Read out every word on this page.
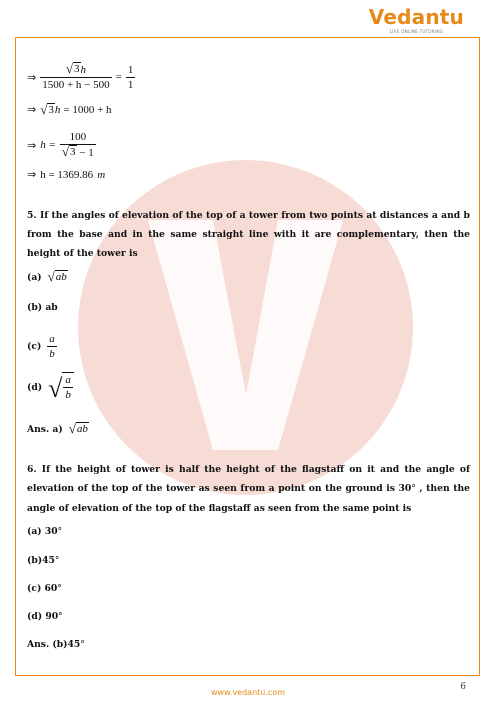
Vedantu
LIVE ONLINE TUTORING
⇒ $\frac{√ 3 h}{1500 + h - 500} = \frac{1}{1}$
⇒ √ 3 h = 1000 + h
⇒ $h = \frac{100}{√ 3 - 1}$
⇒ h = 1369.86 m
5. If the angles of elevation of the top of a tower from two points at distances a and b from the base and in the same straight line with it are complementary, then the height of the tower is
(a) √ ab
(b) ab
$(c) \frac{a}{b}$
(d) √ $\frac{a}{b}$
Ans. a) √ ab
6. If the height of tower is half the height of the flagstaff on it and the angle of elevation of the top of the tower as seen from a point on the ground is 30° , then the angle of elevation of the top of the flagstaff as seen from the same point is
(a) 30 °
(b)45 °
(c) 60 °
(d) 90 °
Ans. (b)45 °
6
www.vedantu.com
